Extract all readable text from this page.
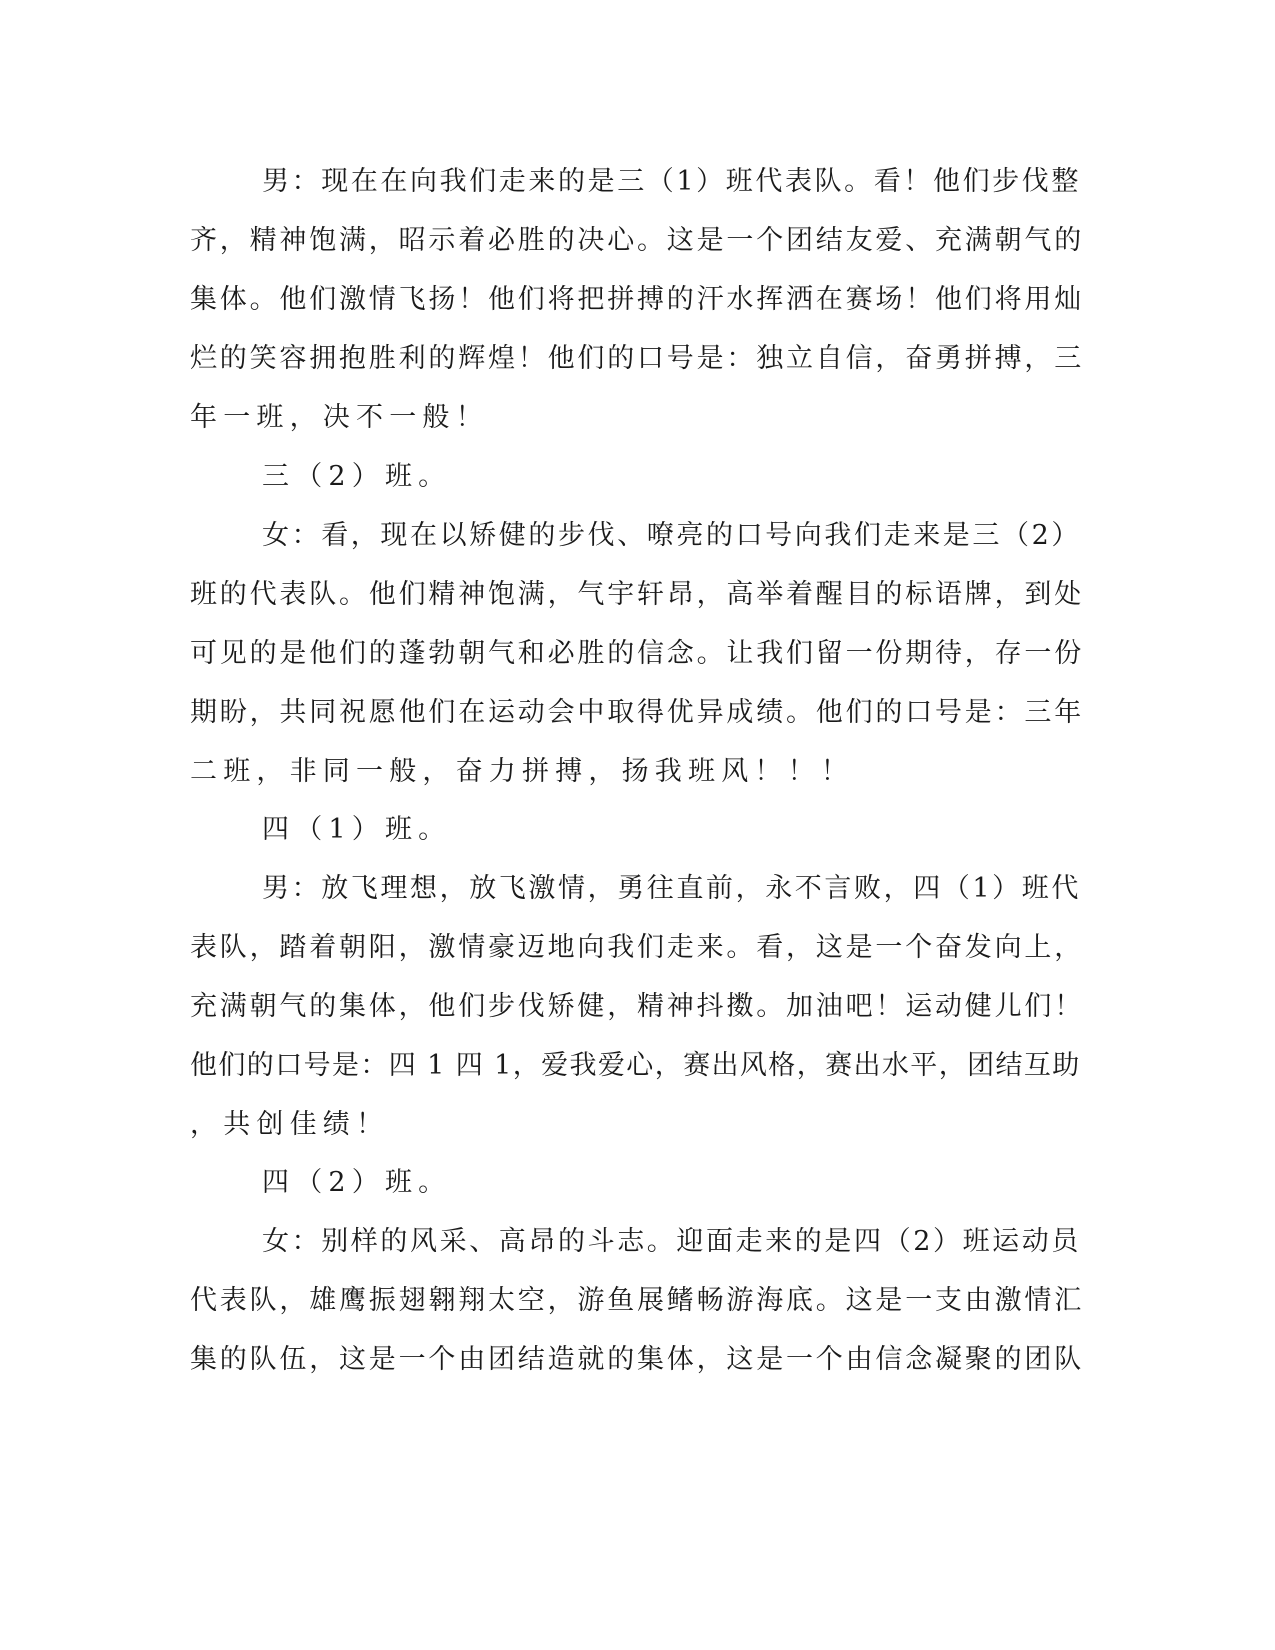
男：现在在向我们走来的是三（1）班代表队。看！他们步伐整
齐，精神饱满，昭示着必胜的决心。这是一个团结友爱、充满朝气的
集体。他们激情飞扬！他们将把拼搏的汗水挥洒在赛场！他们将用灿
烂的笑容拥抱胜利的辉煌！他们的口号是：独立自信，奋勇拼搏，三
年一班，决不一般！
三（2）班。
女：看，现在以矫健的步伐、嘹亮的口号向我们走来是三（2）
班的代表队。他们精神饱满，气宇轩昂，高举着醒目的标语牌，到处
可见的是他们的蓬勃朝气和必胜的信念。让我们留一份期待，存一份
期盼，共同祝愿他们在运动会中取得优异成绩。他们的口号是：三年
二班，非同一般，奋力拼搏，扬我班风！！！
四（1）班。
男：放飞理想，放飞激情，勇往直前，永不言败，四（1）班代
表队，踏着朝阳，激情豪迈地向我们走来。看，这是一个奋发向上，
充满朝气的集体，他们步伐矫健，精神抖擞。加油吧！运动健儿们！
他们的口号是：四 1 四 1，爱我爱心，赛出风格，赛出水平，团结互助
，共创佳绩！
四（2）班。
女：别样的风采、高昂的斗志。迎面走来的是四（2）班运动员
代表队，雄鹰振翅翱翔太空，游鱼展鳍畅游海底。这是一支由激情汇
集的队伍，这是一个由团结造就的集体，这是一个由信念凝聚的团队
